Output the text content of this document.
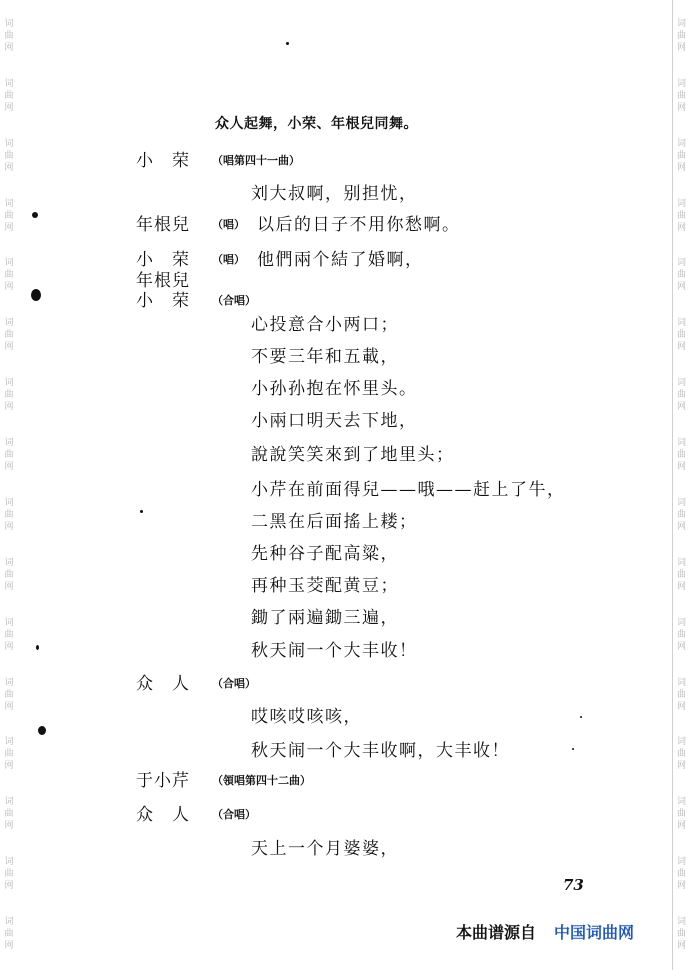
词曲网
词曲网
词曲网
词曲网
词曲网
词曲网
词曲网
词曲网
词曲网
词曲网
词曲网
词曲网
词曲网
词曲网
词曲网
词曲网
词曲网
词曲网
词曲网
词曲网
词曲网
词曲网
词曲网
词曲网
词曲网
词曲网
词曲网
词曲网
词曲网
词曲网
词曲网
词曲网
众人起舞，小荣、年根兒同舞。
小　荣 （唱第四十一曲）
刘大叔啊，别担忧，
年根兒 （唱） 以后的日子不用你愁啊。
小　荣 （唱） 他們兩个結了婚啊，
年根兒
小　荣 （合唱）
心投意合小两口；
不要三年和五載，
小孙孙抱在怀里头。
小兩口明天去下地，
說說笑笑來到了地里头；
小芹在前面得兒——哦——赶上了牛，
二黑在后面搖上耧；
先种谷子配高粱，
再种玉茭配黄豆；
鋤了兩遍鋤三遍，
秋天闹一个大丰收！
众　人 （合唱）
哎咳哎咳咳，
秋天闹一个大丰收啊，大丰收！
于小芹 （領唱第四十二曲）
众　人 （合唱）
天上一个月婆婆，
73
本曲谱源自 中国词曲网
